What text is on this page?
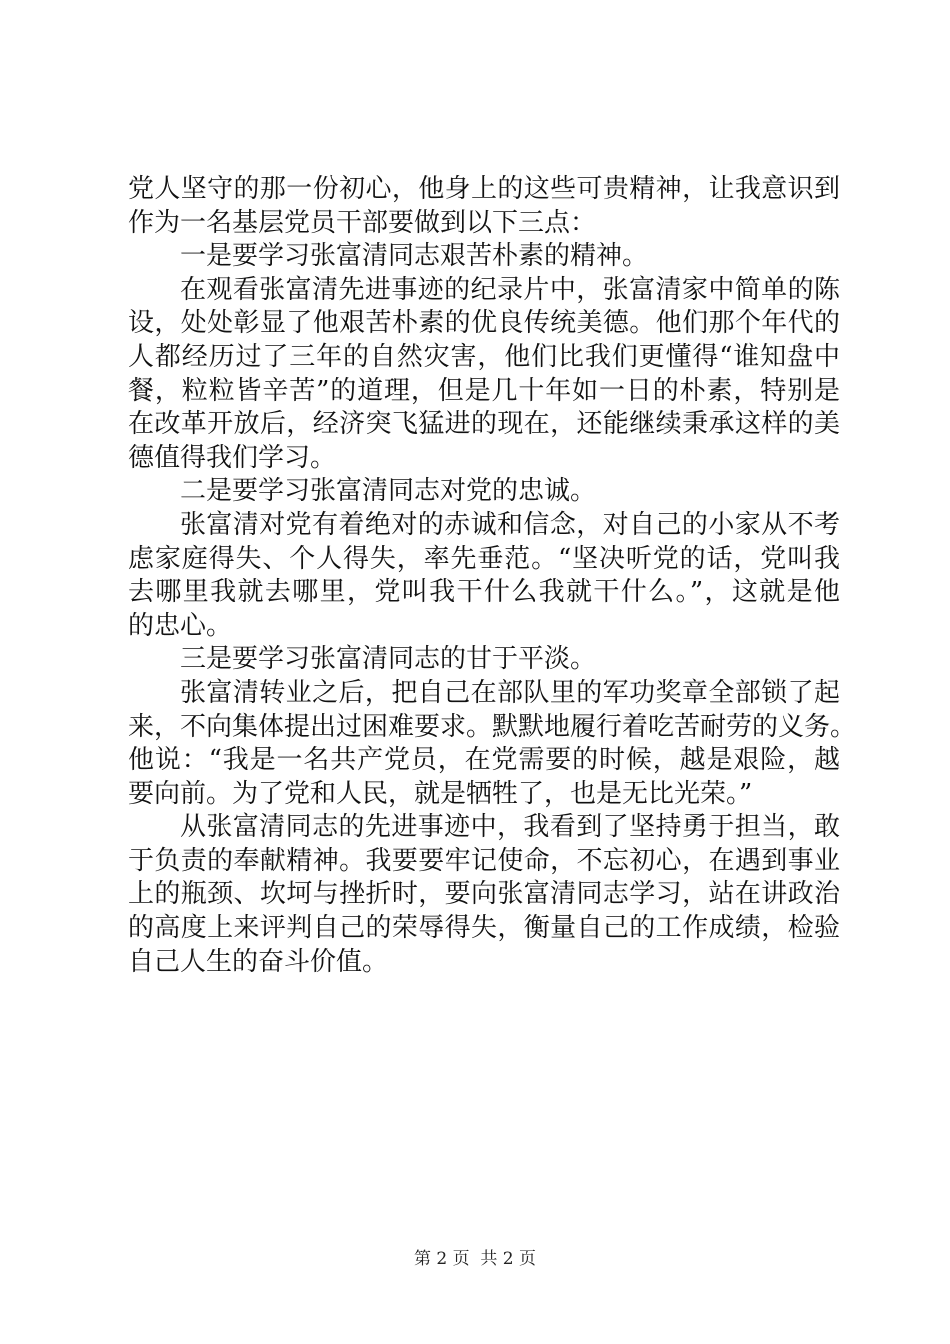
党人坚守的那一份初心，他身上的这些可贵精神，让我意识到
作为一名基层党员干部要做到以下三点：
一是要学习张富清同志艰苦朴素的精神。
在观看张富清先进事迹的纪录片中，张富清家中简单的陈
设，处处彰显了他艰苦朴素的优良传统美德。他们那个年代的
人都经历过了三年的自然灾害，他们比我们更懂得“谁知盘中
餐，粒粒皆辛苦”的道理，但是几十年如一日的朴素，特别是
在改革开放后，经济突飞猛进的现在，还能继续秉承这样的美
德值得我们学习。
二是要学习张富清同志对党的忠诚。
张富清对党有着绝对的赤诚和信念，对自己的小家从不考
虑家庭得失、个人得失，率先垂范。“坚决听党的话，党叫我
去哪里我就去哪里，党叫我干什么我就干什么。”，这就是他
的忠心。
三是要学习张富清同志的甘于平淡。
张富清转业之后，把自己在部队里的军功奖章全部锁了起
来，不向集体提出过困难要求。默默地履行着吃苦耐劳的义务。
他说：“我是一名共产党员，在党需要的时候，越是艰险，越
要向前。为了党和人民，就是牺牲了，也是无比光荣。”
从张富清同志的先进事迹中，我看到了坚持勇于担当，敢
于负责的奉献精神。我要要牢记使命，不忘初心，在遇到事业
上的瓶颈、坎坷与挫折时，要向张富清同志学习，站在讲政治
的高度上来评判自己的荣辱得失，衡量自己的工作成绩，检验
自己人生的奋斗价值。
第 2 页  共 2 页
